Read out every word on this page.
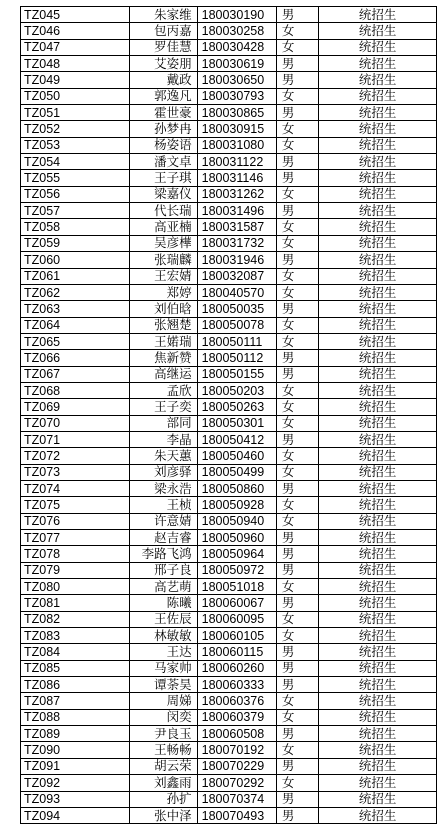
TZ045	朱家维	180030190	男	统招生
TZ046	包丙嘉	180030258	女	统招生
TZ047	罗佳慧	180030428	女	统招生
TZ048	艾姿朋	180030619	男	统招生
TZ049	戴政	180030650	男	统招生
TZ050	郭逸凡	180030793	女	统招生
TZ051	霍世豪	180030865	男	统招生
TZ052	孙梦冉	180030915	女	统招生
TZ053	杨姿语	180031080	女	统招生
TZ054	潘文卓	180031122	男	统招生
TZ055	王子琪	180031146	男	统招生
TZ056	梁嘉仪	180031262	女	统招生
TZ057	代长瑞	180031496	男	统招生
TZ058	高亚楠	180031587	女	统招生
TZ059	吴彦樺	180031732	女	统招生
TZ060	张瑞麟	180031946	男	统招生
TZ061	王宏婧	180032087	女	统招生
TZ062	郑婷	180040570	女	统招生
TZ063	刘伯晗	180050035	男	统招生
TZ064	张翘楚	180050078	女	统招生
TZ065	王婼瑞	180050111	女	统招生
TZ066	焦新赞	180050112	男	统招生
TZ067	高继运	180050155	男	统招生
TZ068	孟欣	180050203	女	统招生
TZ069	王子奕	180050263	女	统招生
TZ070	部同	180050301	女	统招生
TZ071	李晶	180050412	男	统招生
TZ072	朱天蕙	180050460	女	统招生
TZ073	刘彦驿	180050499	女	统招生
TZ074	梁永浩	180050860	男	统招生
TZ075	王桢	180050928	女	统招生
TZ076	许意婧	180050940	女	统招生
TZ077	赵吉睿	180050960	男	统招生
TZ078	李路飞鸿	180050964	男	统招生
TZ079	邢子良	180050972	男	统招生
TZ080	高艺萌	180051018	女	统招生
TZ081	陈曦	180060067	男	统招生
TZ082	王佐辰	180060095	女	统招生
TZ083	林敏敏	180060105	女	统招生
TZ084	王达	180060115	男	统招生
TZ085	马家帅	180060260	男	统招生
TZ086	谭荼昊	180060333	男	统招生
TZ087	周娣	180060376	女	统招生
TZ088	闵奕	180060379	女	统招生
TZ089	尹良玉	180060508	男	统招生
TZ090	王畅畅	180070192	女	统招生
TZ091	胡云荣	180070229	男	统招生
TZ092	刘鑫雨	180070292	女	统招生
TZ093	孙扩	180070374	男	统招生
TZ094	张中泽	180070493	男	统招生
